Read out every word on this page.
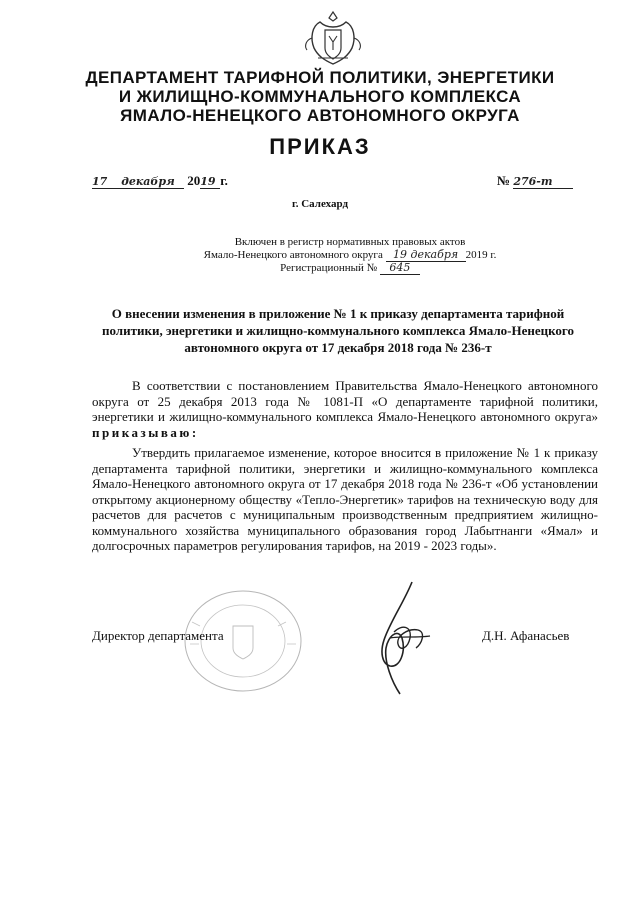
ДЕПАРТАМЕНТ ТАРИФНОЙ ПОЛИТИКИ, ЭНЕРГЕТИКИ
И ЖИЛИЩНО-КОММУНАЛЬНОГО КОМПЛЕКСА
ЯМАЛО-НЕНЕЦКОГО АВТОНОМНОГО ОКРУГА
ПРИКАЗ
17 декабря 2019 г.	№ 276-т
г. Салехард
Включен в регистр нормативных правовых актов
Ямало-Ненецкого автономного округа 19 декабря 2019 г.
Регистрационный № 645
О внесении изменения в приложение № 1 к приказу департамента тарифной политики, энергетики и жилищно-коммунального комплекса Ямало-Ненецкого автономного округа от 17 декабря 2018 года № 236-т
В соответствии с постановлением Правительства Ямало-Ненецкого автономного округа от 25 декабря 2013 года № 1081-П «О департаменте тарифной политики, энергетики и жилищно-коммунального комплекса Ямало-Ненецкого автономного округа» приказываю:
Утвердить прилагаемое изменение, которое вносится в приложение № 1 к приказу департамента тарифной политики, энергетики и жилищно-коммунального комплекса Ямало-Ненецкого автономного округа от 17 декабря 2018 года № 236-т «Об установлении открытому акционерному обществу «Тепло-Энергетик» тарифов на техническую воду для расчетов для расчетов с муниципальным производственным предприятием жилищно-коммунального хозяйства муниципального образования город Лабытнанги «Ямал» и долгосрочных параметров регулирования тарифов, на 2019 - 2023 годы».
Директор департамента	Д.Н. Афанасьев
